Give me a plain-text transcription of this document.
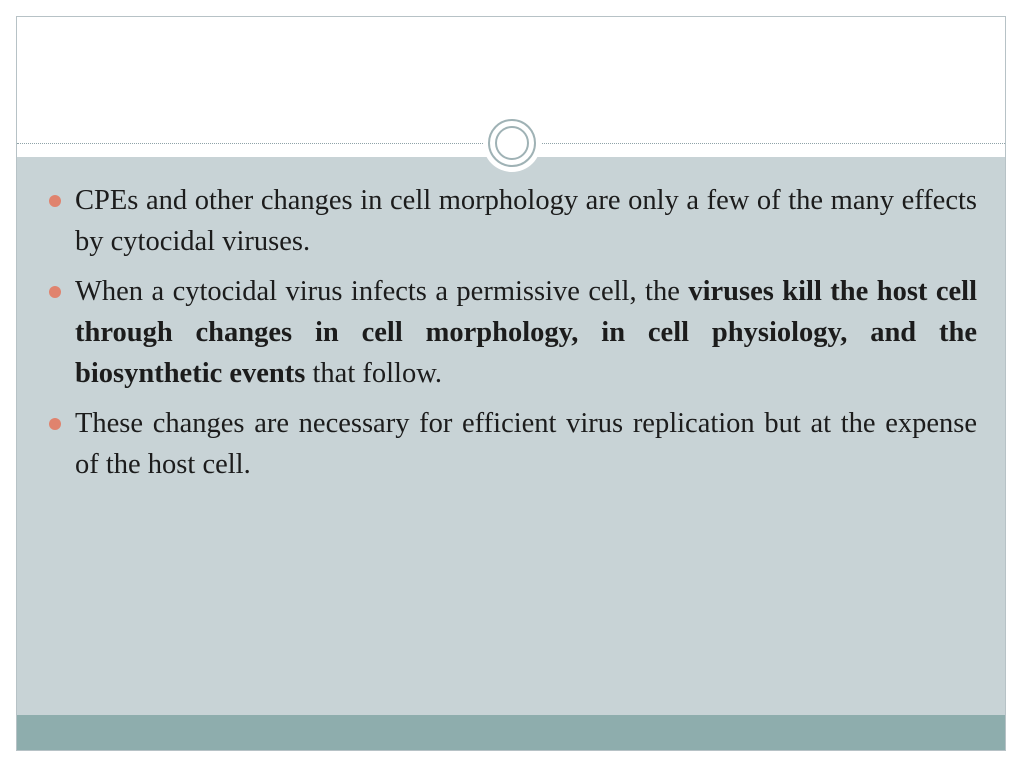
CPEs and other changes in cell morphology are only a few of the many effects by cytocidal viruses.
When a cytocidal virus infects a permissive cell, the viruses kill the host cell through changes in cell morphology, in cell physiology, and the biosynthetic events that follow.
These changes are necessary for efficient virus replication but at the expense of the host cell.
